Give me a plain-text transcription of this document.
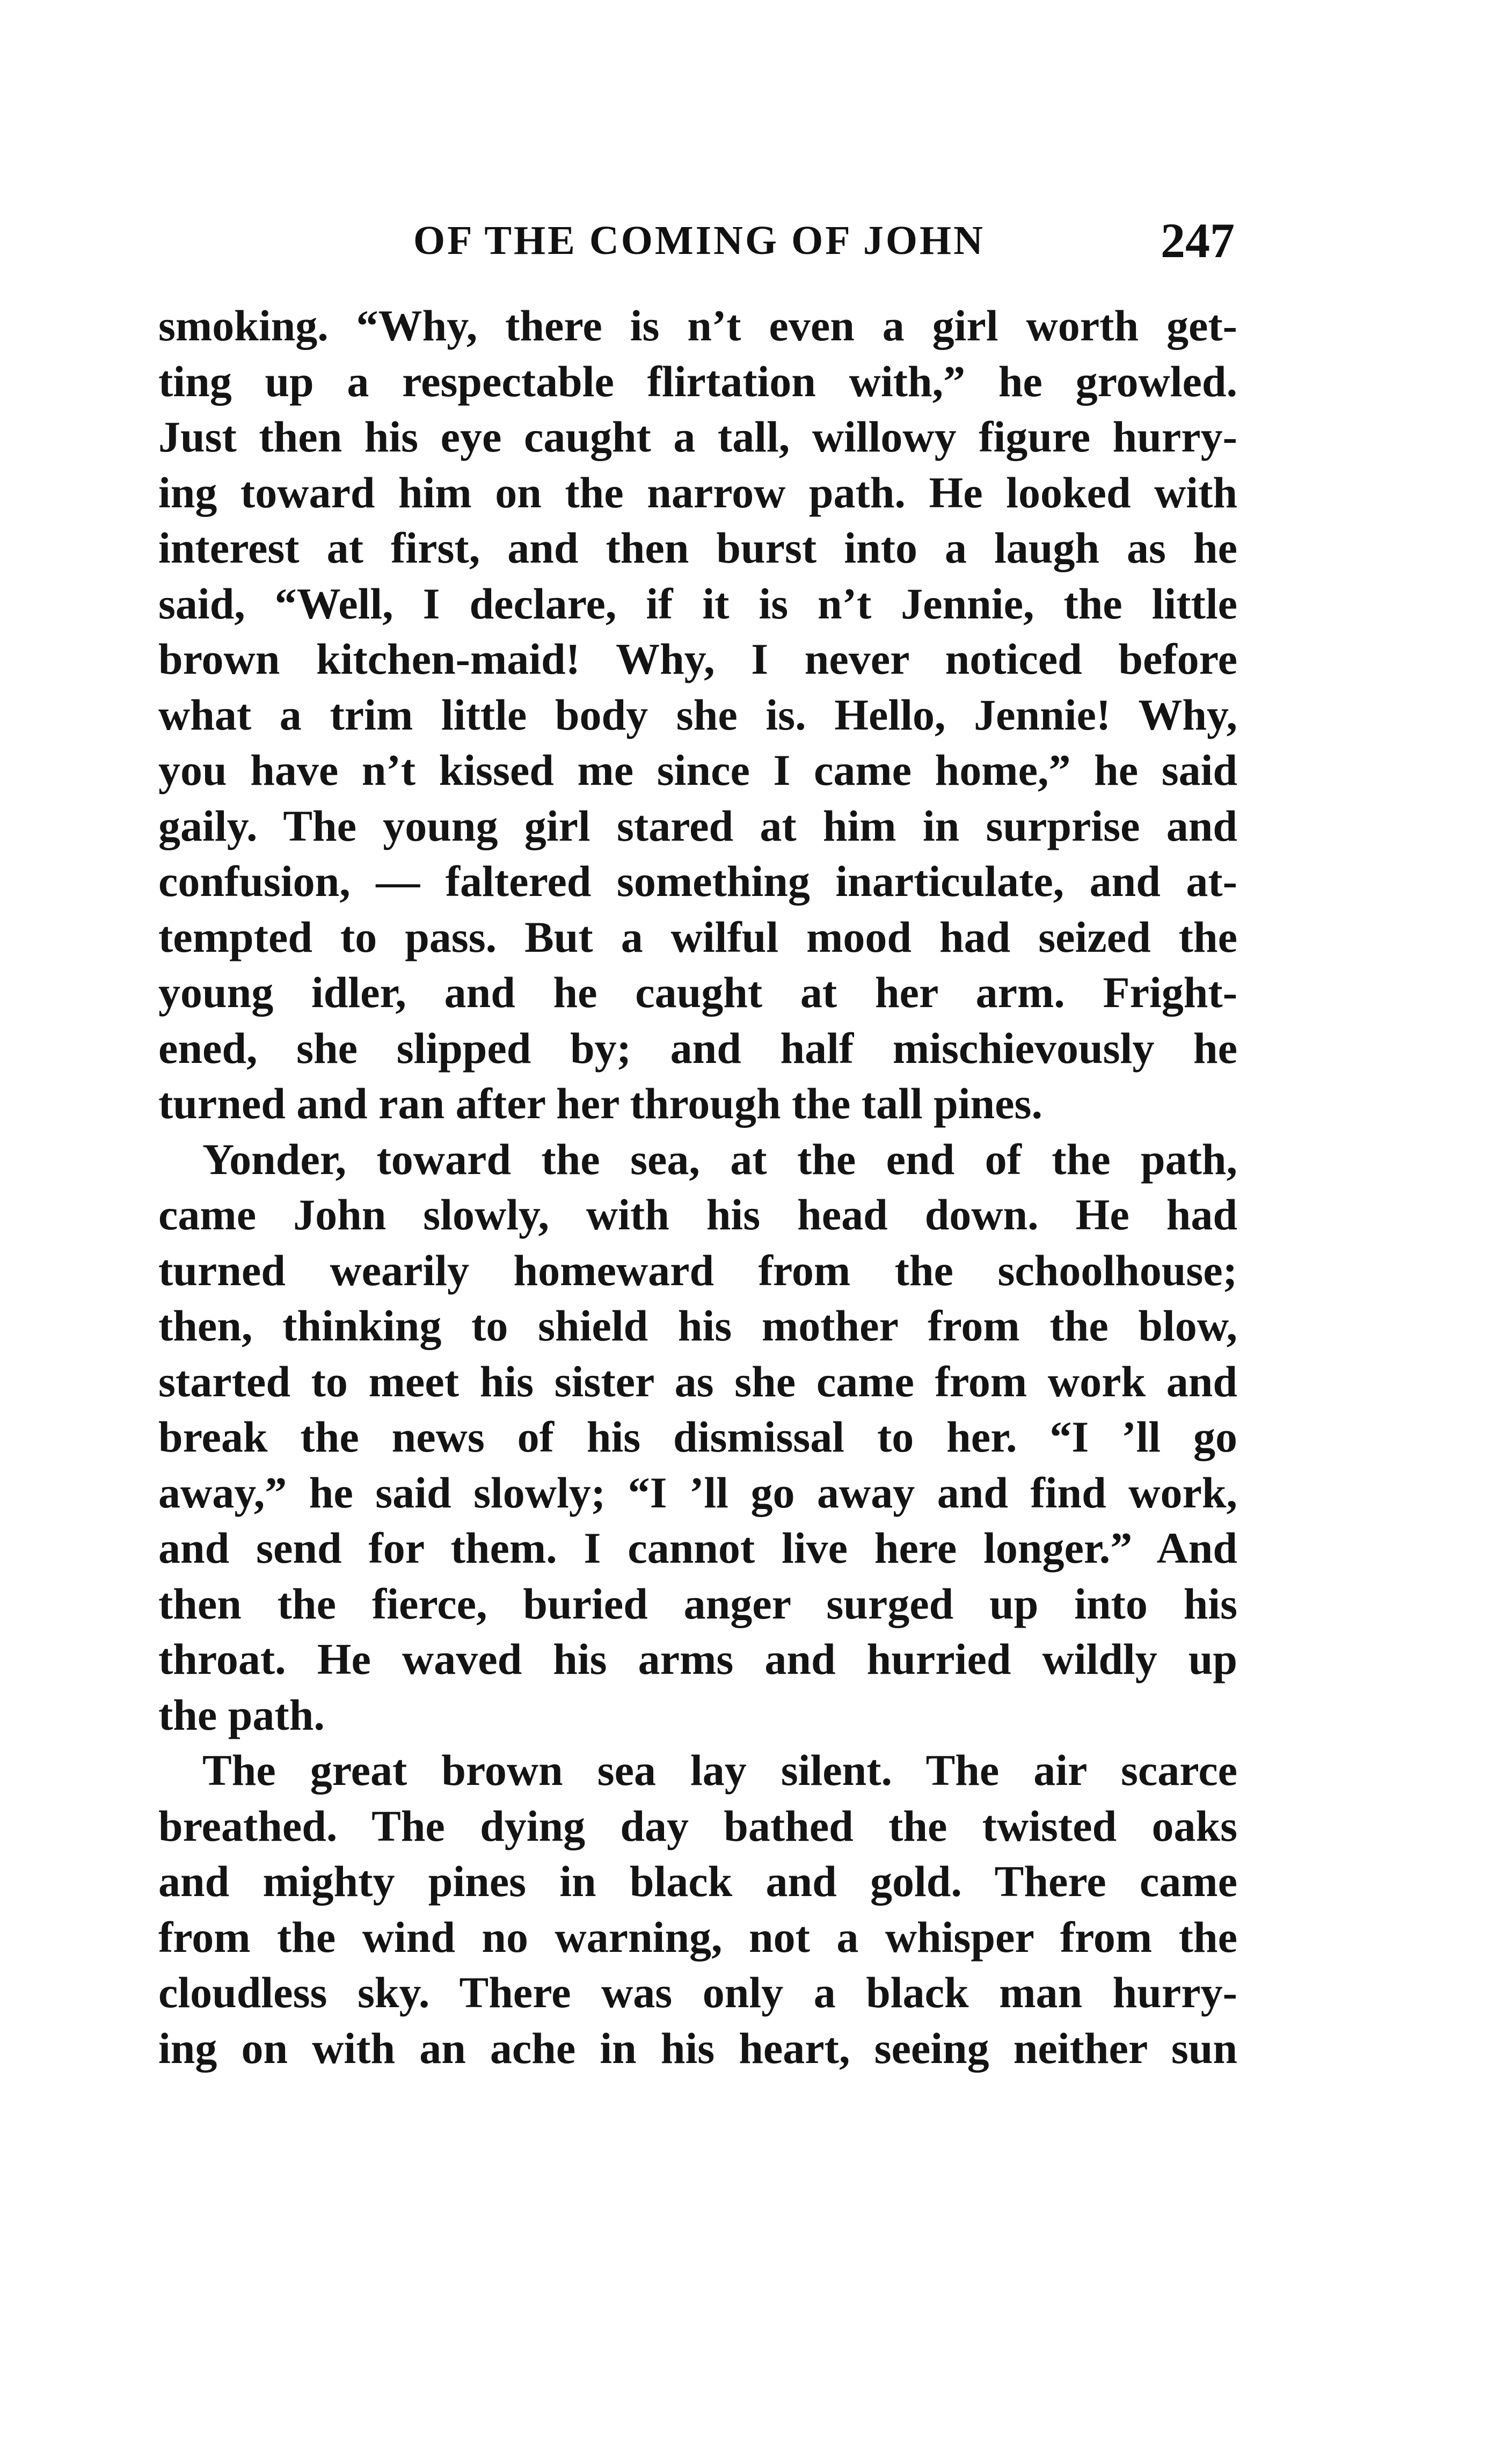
OF THE COMING OF JOHN	247
smoking. “Why, there is n’t even a girl worth get-
ting up a respectable flirtation with,” he growled.
Just then his eye caught a tall, willowy figure hurry-
ing toward him on the narrow path. He looked with
interest at first, and then burst into a laugh as he
said, “Well, I declare, if it is n’t Jennie, the little
brown kitchen-maid! Why, I never noticed before
what a trim little body she is. Hello, Jennie! Why,
you have n’t kissed me since I came home,” he said
gaily. The young girl stared at him in surprise and
confusion, — faltered something inarticulate, and at-
tempted to pass. But a wilful mood had seized the
young idler, and he caught at her arm. Fright-
ened, she slipped by; and half mischievously he
turned and ran after her through the tall pines.
Yonder, toward the sea, at the end of the path,
came John slowly, with his head down. He had
turned wearily homeward from the schoolhouse;
then, thinking to shield his mother from the blow,
started to meet his sister as she came from work and
break the news of his dismissal to her. “I ’ll go
away,” he said slowly; “I ’ll go away and find work,
and send for them. I cannot live here longer.” And
then the fierce, buried anger surged up into his
throat. He waved his arms and hurried wildly up
the path.
The great brown sea lay silent. The air scarce
breathed. The dying day bathed the twisted oaks
and mighty pines in black and gold. There came
from the wind no warning, not a whisper from the
cloudless sky. There was only a black man hurry-
ing on with an ache in his heart, seeing neither sun
